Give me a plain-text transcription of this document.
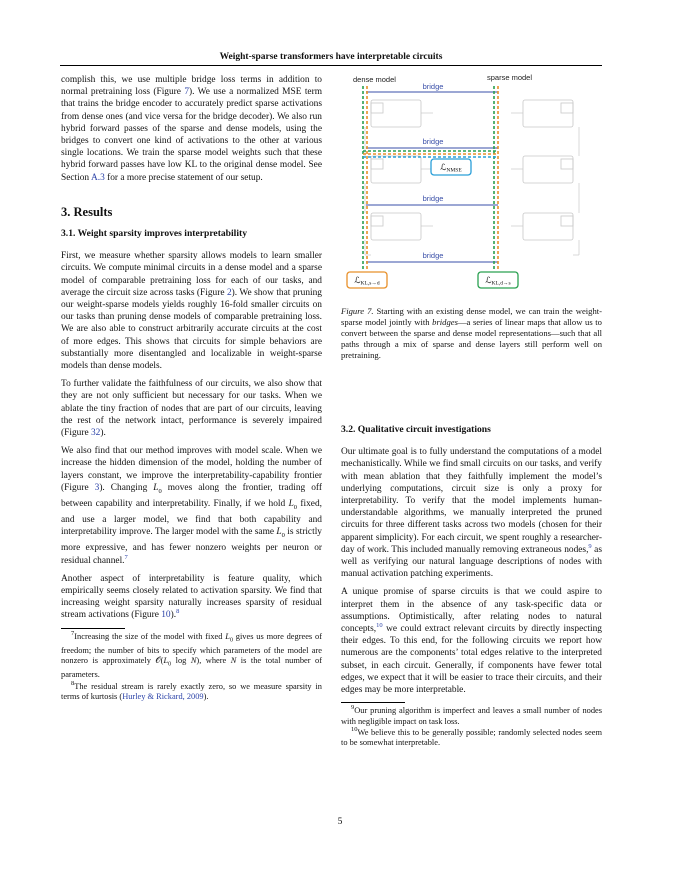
Weight-sparse transformers have interpretable circuits

complish this, we use multiple bridge loss terms in addition to normal pretraining loss (Figure 7). We use a normalized MSE term that trains the bridge encoder to accurately predict sparse activations from dense ones (and vice versa for the bridge decoder). We also run hybrid forward passes of the sparse and dense models, using the bridges to convert one kind of activations to the other at various single locations. We train the sparse model weights such that these hybrid forward passes have low KL to the original dense model. See Section A.3 for a more precise statement of our setup.

3. Results
3.1. Weight sparsity improves interpretability

First, we measure whether sparsity allows models to learn smaller circuits. We compute minimal circuits in a dense model and a sparse model of comparable pretraining loss for each of our tasks, and average the circuit size across tasks (Figure 2). We show that pruning our weight-sparse models yields roughly 16-fold smaller circuits on our tasks than pruning dense models of comparable pretraining loss. We are also able to construct arbitrarily accurate circuits at the cost of more edges. This shows that circuits for simple behaviors are substantially more disentangled and localizable in weight-sparse models than dense models.

To further validate the faithfulness of our circuits, we also show that they are not only sufficient but necessary for our tasks. When we ablate the tiny fraction of nodes that are part of our circuits, leaving the rest of the network intact, performance is severely impaired (Figure 32).

We also find that our method improves with model scale. When we increase the hidden dimension of the model, holding the number of layers constant, we improve the interpretability-capability frontier (Figure 3). Changing $L_0$ moves along the frontier, trading off between capability and interpretability. Finally, if we hold $L_0$ fixed, and use a larger model, we find that both capability and interpretability improve. The larger model with the same $L_0$ is strictly more expressive, and has fewer nonzero weights per neuron or residual channel.$^7$

Another aspect of interpretability is feature quality, which empirically seems closely related to activation sparsity. We find that increasing weight sparsity naturally increases sparsity of residual stream activations (Figure 10).$^8$

$^7$Increasing the size of the model with fixed $L_0$ gives us more degrees of freedom; the number of bits to specify which parameters of the model are nonzero is approximately $𝒪(L_0$ log N), where N is the total number of parameters.

$^8$The residual stream is rarely exactly zero, so we measure sparsity in terms of kurtosis (Hurley & Rickard, 2009).

dense model	sparse model
bridge
bridge
bridge
bridge
ℒNMSE
ℒKL,s→d	ℒKL,d→s
Figure 7. Starting with an existing dense model, we can train the weight-sparse model jointly with bridges—a series of linear maps that allow us to convert between the sparse and dense model representations—such that all paths through a mix of sparse and dense layers still perform well on pretraining.
3.2. Qualitative circuit investigations

Our ultimate goal is to fully understand the computations of a model mechanistically. While we find small circuits on our tasks, and verify with mean ablation that they faithfully implement the model’s underlying computations, circuit size is only a proxy for interpretability. To verify that the model implements human-understandable algorithms, we manually interpreted the pruned circuits for three different tasks across two models (chosen for their apparent simplicity). For each circuit, we spent roughly a researcher-day of work. This included manually removing extraneous nodes,$^9$ as well as verifying our natural language descriptions of nodes with manual activation patching experiments.

A unique promise of sparse circuits is that we could aspire to interpret them in the absence of any task-specific data or assumptions. Optimistically, after relating nodes to natural concepts,$^{10}$ we could extract relevant circuits by directly inspecting their edges. To this end, for the following circuits we report how numerous are the components’ total edges relative to the interpreted subset, in each circuit. Generally, if components have fewer total edges, we expect that it will be easier to trace their circuits, and their edges may be more interpretable.

$^9$Our pruning algorithm is imperfect and leaves a small number of nodes with negligible impact on task loss.

$^{10}$We believe this to be generally possible; randomly selected nodes seem to be somewhat interpretable.

5
